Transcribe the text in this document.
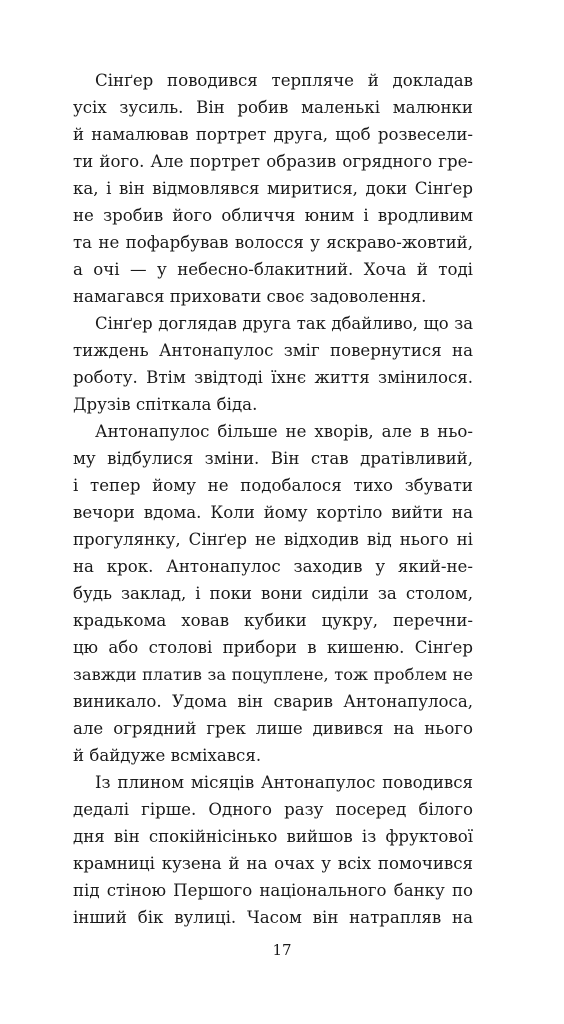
Сінґер поводився терпляче й докладав
усіх зусиль. Він робив маленькі малюнки
й намалював портрет друга, щоб розвесели-
ти його. Але портрет образив огрядного гре-
ка, і він відмовлявся миритися, доки Сінґер
не зробив його обличчя юним і вродливим
та не пофарбував волосся у яскраво-жовтий,
а очі — у небесно-блакитний. Хоча й тоді
намагався приховати своє задоволення.
Сінґер доглядав друга так дбайливо, що за
тиждень Антонапулос зміг повернутися на
роботу. Втім звідтоді їхнє життя змінилося.
Друзів спіткала біда.
Антонапулос більше не хворів, але в ньо-
му відбулися зміни. Він став дратівливий,
і тепер йому не подобалося тихо збувати
вечори вдома. Коли йому кортіло вийти на
прогулянку, Сінґер не відходив від нього ні
на крок. Антонапулос заходив у який-не-
будь заклад, і поки вони сиділи за столом,
крадькома ховав кубики цукру, перечни-
цю або столові прибори в кишеню. Сінґер
завжди платив за поцуплене, тож проблем не
виникало. Удома він сварив Антонапулоса,
але огрядний грек лише дивився на нього
й байдуже всміхався.
Із плином місяців Антонапулос поводився
дедалі гірше. Одного разу посеред білого
дня він спокійнісінько вийшов із фруктової
крамниці кузена й на очах у всіх помочився
під стіною Першого національного банку по
інший бік вулиці. Часом він натрапляв на
17
